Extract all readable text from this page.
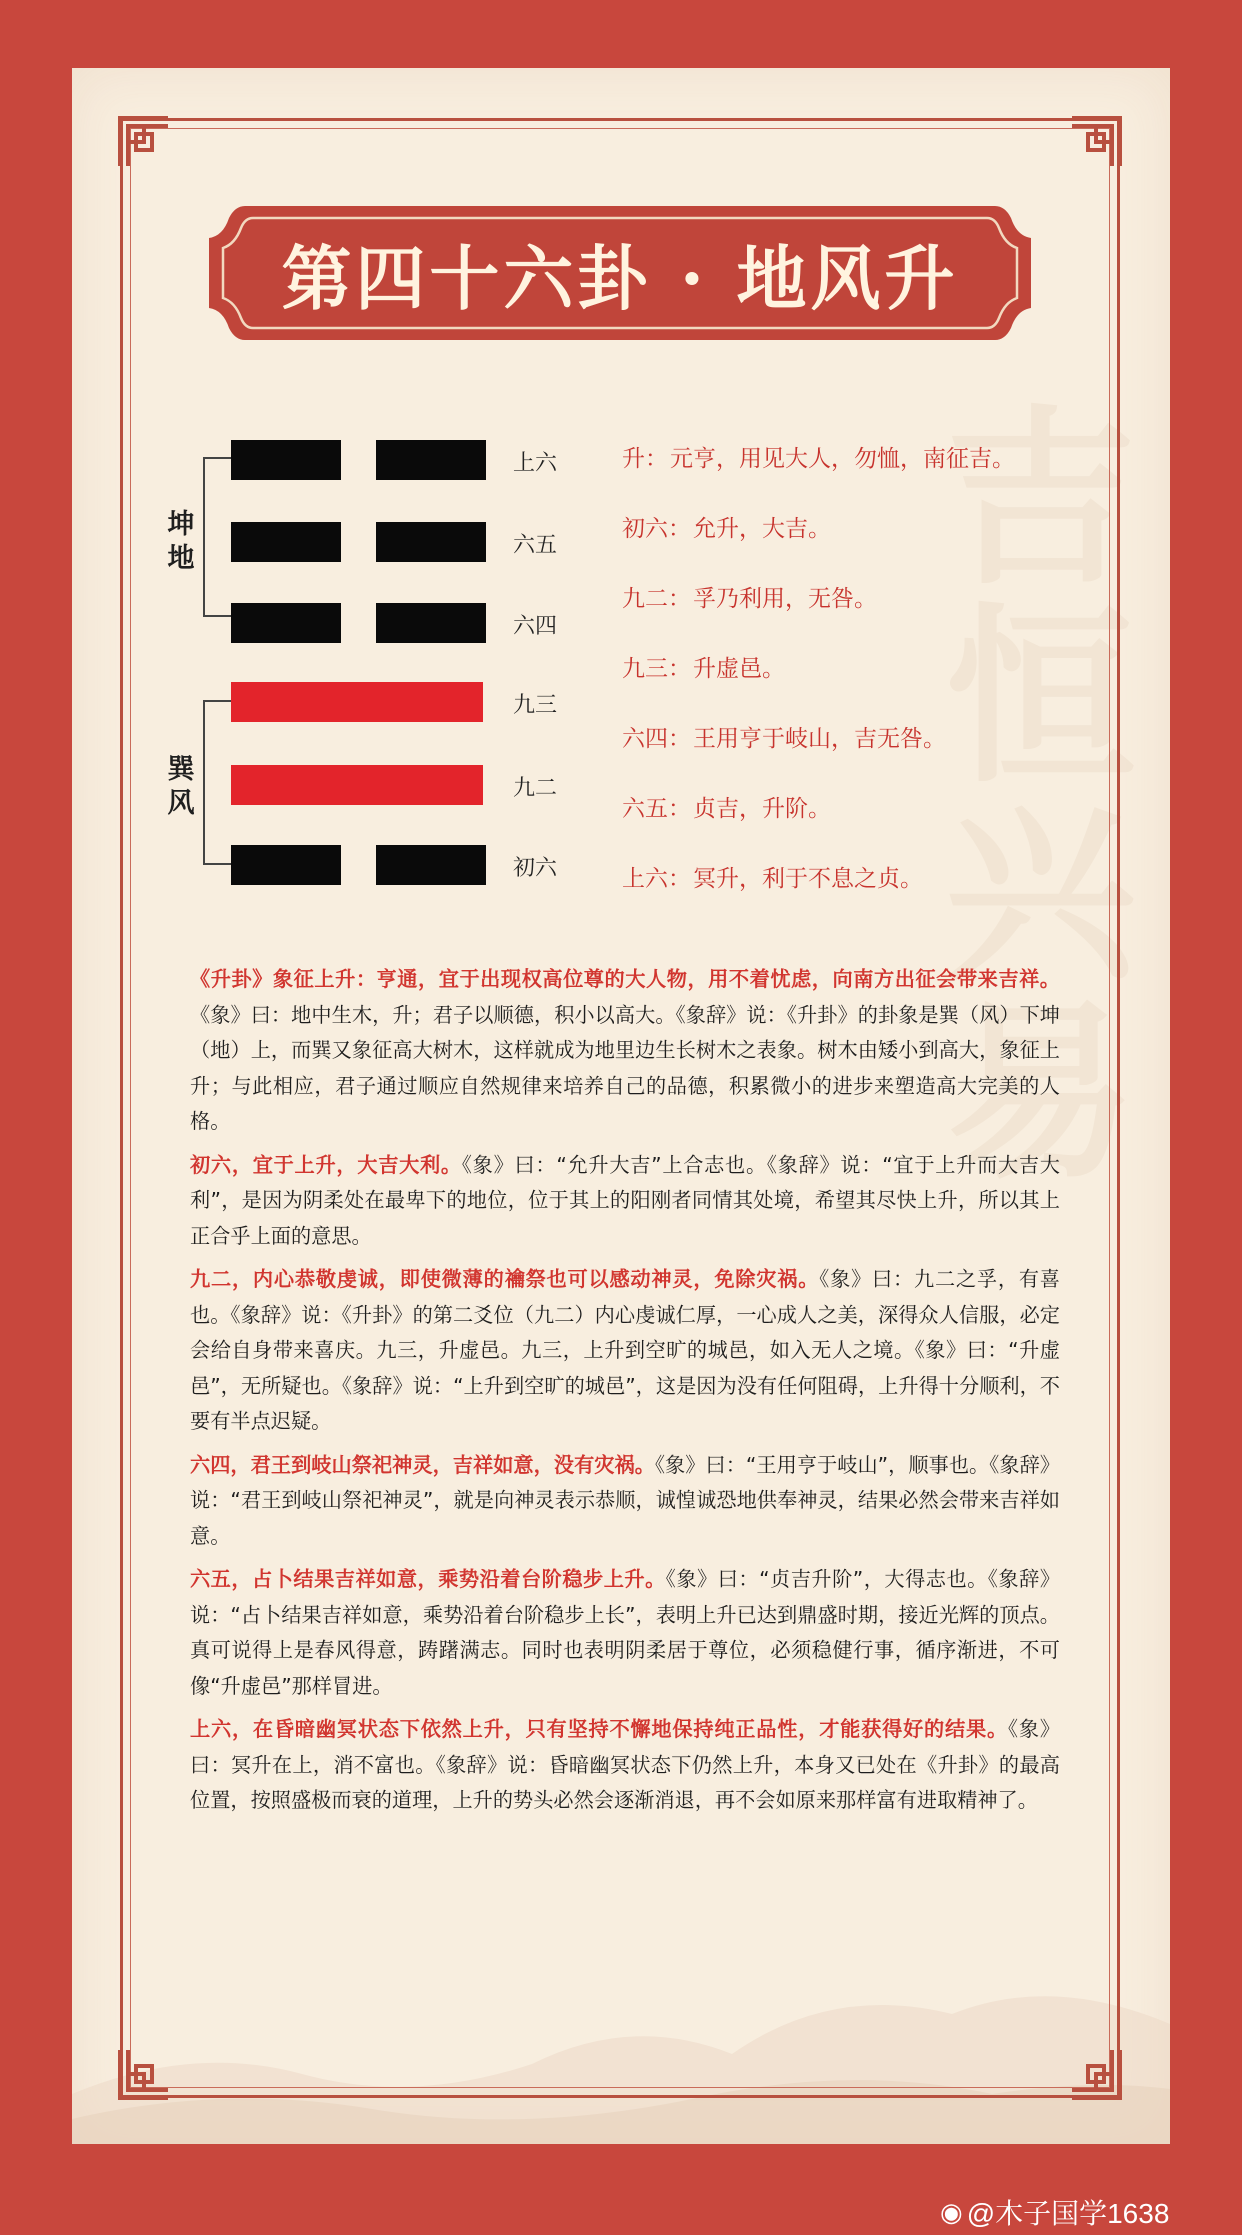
吉恒兴易
第四十六卦 · 地风升
坤地
巽风
上六
六五
六四
九三
九二
初六
升：元亨，用见大人，勿恤，南征吉。
初六：允升，大吉。
九二：孚乃利用，无咎。
九三：升虚邑。
六四：王用亨于岐山，吉无咎。
六五：贞吉，升阶。
上六：冥升，利于不息之贞。

《升卦》象征上升：亨通，宜于出现权高位尊的大人物，用不着忧虑，向南方出征会带来吉祥。《象》曰：地中生木，升；君子以顺德，积小以高大。《象辞》说：《升卦》的卦象是巽（风）下坤（地）上，而巽又象征高大树木，这样就成为地里边生长树木之表象。树木由矮小到高大，象征上升；与此相应，君子通过顺应自然规律来培养自己的品德，积累微小的进步来塑造高大完美的人格。

初六，宜于上升，大吉大利。《象》曰：“允升大吉”上合志也。《象辞》说：“宜于上升而大吉大利”，是因为阴柔处在最卑下的地位，位于其上的阳刚者同情其处境，希望其尽快上升，所以其上正合乎上面的意思。

九二，内心恭敬虔诚，即使微薄的禴祭也可以感动神灵，免除灾祸。《象》曰：九二之孚，有喜也。《象辞》说：《升卦》的第二爻位（九二）内心虔诚仁厚，一心成人之美，深得众人信服，必定会给自身带来喜庆。九三，升虚邑。九三，上升到空旷的城邑，如入无人之境。《象》曰：“升虚邑”，无所疑也。《象辞》说：“上升到空旷的城邑”，这是因为没有任何阻碍，上升得十分顺利，不要有半点迟疑。

六四，君王到岐山祭祀神灵，吉祥如意，没有灾祸。《象》曰：“王用亨于岐山”，顺事也。《象辞》说：“君王到岐山祭祀神灵”，就是向神灵表示恭顺，诚惶诚恐地供奉神灵，结果必然会带来吉祥如意。

六五，占卜结果吉祥如意，乘势沿着台阶稳步上升。《象》曰：“贞吉升阶”，大得志也。《象辞》说：“占卜结果吉祥如意，乘势沿着台阶稳步上长”，表明上升已达到鼎盛时期，接近光辉的顶点。真可说得上是春风得意，踌躇满志。同时也表明阴柔居于尊位，必须稳健行事，循序渐进，不可像“升虚邑”那样冒进。

上六，在昏暗幽冥状态下依然上升，只有坚持不懈地保持纯正品性，才能获得好的结果。《象》曰：冥升在上，消不富也。《象辞》说：昏暗幽冥状态下仍然上升，本身又已处在《升卦》的最高位置，按照盛极而衰的道理，上升的势头必然会逐渐消退，再不会如原来那样富有进取精神了。

◉ @木子国学1638
